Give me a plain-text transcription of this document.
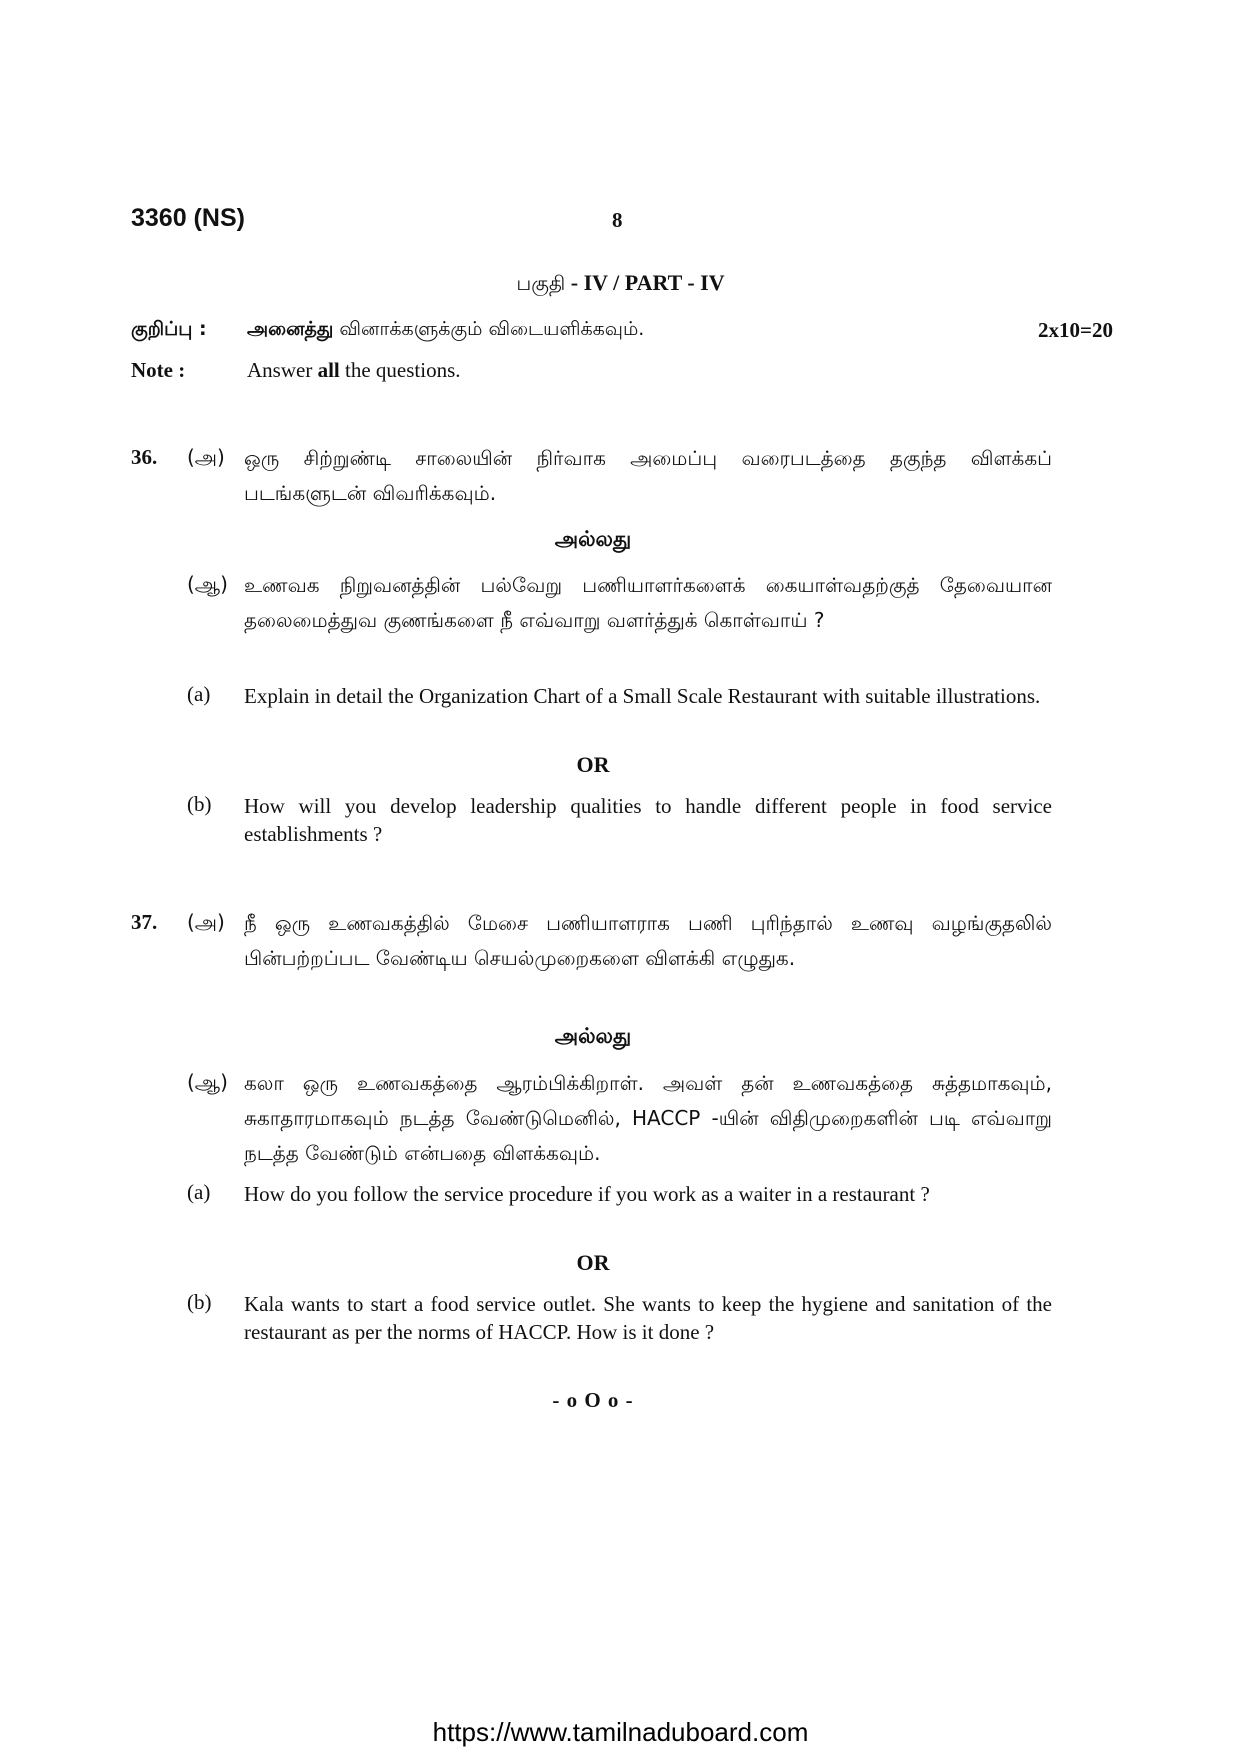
3360 (NS)	8
பகுதி - IV / PART - IV
குறிப்பு : அனைத்து வினாக்களுக்கும் விடையளிக்கவும்.	2x10=20
Note :	Answer all the questions.
36. (அ) ஒரு சிற்றுண்டி சாலையின் நிர்வாக அமைப்பு வரைபடத்தை தகுந்த விளக்கப் படங்களுடன் விவரிக்கவும்.
அல்லது
(ஆ) உணவக நிறுவனத்தின் பல்வேறு பணியாளர்களைக் கையாள்வதற்குத் தேவையான தலைமைத்துவ குணங்களை நீ எவ்வாறு வளர்த்துக் கொள்வாய் ?
(a) Explain in detail the Organization Chart of a Small Scale Restaurant with suitable illustrations.
OR
(b) How will you develop leadership qualities to handle different people in food service establishments ?
37. (அ) நீ ஒரு உணவகத்தில் மேசை பணியாளராக பணி புரிந்தால் உணவு வழங்குதலில் பின்பற்றப்பட வேண்டிய செயல்முறைகளை விளக்கி எழுதுக.
அல்லது
(ஆ) கலா ஒரு உணவகத்தை ஆரம்பிக்கிறாள். அவள் தன் உணவகத்தை சுத்தமாகவும், சுகாதாரமாகவும் நடத்த வேண்டுமெனில், HACCP -யின் விதிமுறைகளின் படி எவ்வாறு நடத்த வேண்டும் என்பதை விளக்கவும்.
(a) How do you follow the service procedure if you work as a waiter in a restaurant ?
OR
(b) Kala wants to start a food service outlet. She wants to keep the hygiene and sanitation of the restaurant as per the norms of HACCP. How is it done ?
- o O o -
https://www.tamilnaduboard.com
